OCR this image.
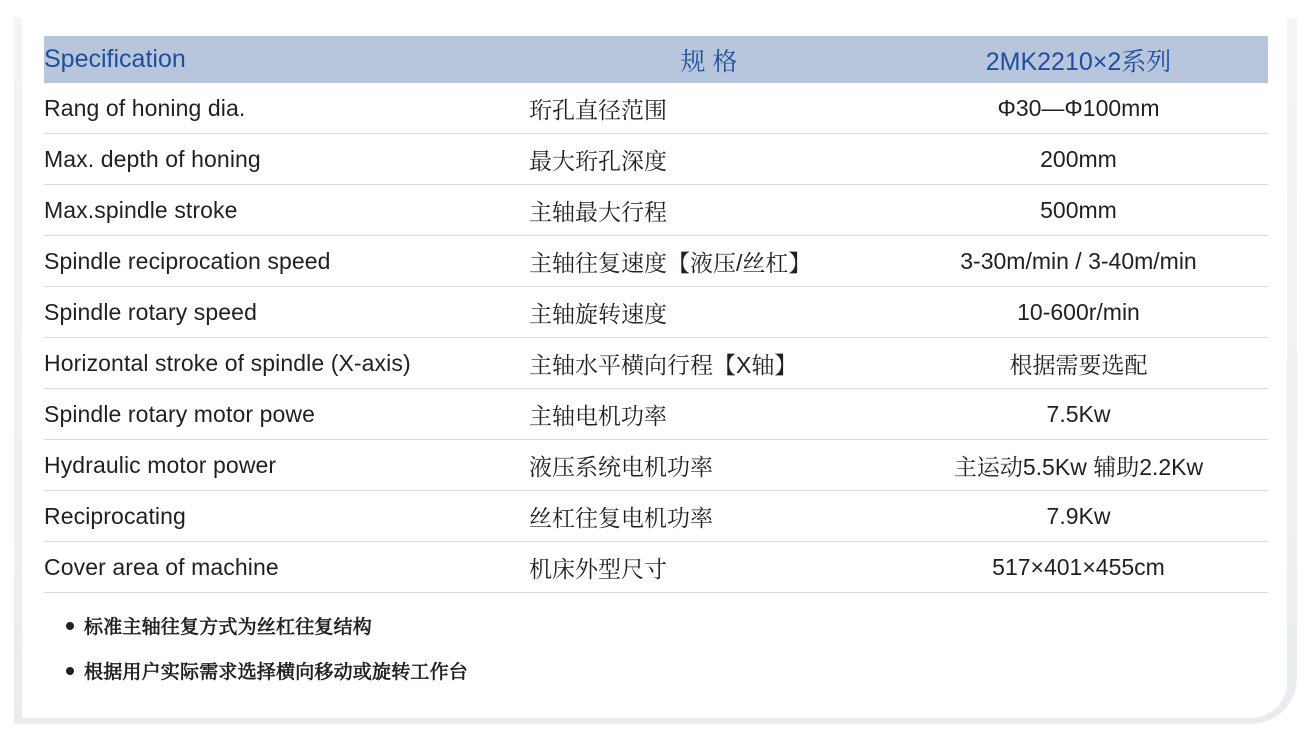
Specification	规 格	2MK2210×2系列
Rang of honing dia.	珩孔直径范围	Φ30—Φ100mm
Max. depth of honing	最大珩孔深度	200mm
Max.spindle stroke	主轴最大行程	500mm
Spindle reciprocation speed	主轴往复速度【液压/丝杠】	3-30m/min / 3-40m/min
Spindle rotary speed	主轴旋转速度	10-600r/min
Horizontal stroke of spindle (X-axis)	主轴水平横向行程【X轴】	根据需要选配
Spindle rotary motor powe	主轴电机功率	7.5Kw
Hydraulic motor power	液压系统电机功率	主运动5.5Kw 辅助2.2Kw
Reciprocating	丝杠往复电机功率	7.9Kw
Cover area of machine	机床外型尺寸	517×401×455cm
标准主轴往复方式为丝杠往复结构
根据用户实际需求选择横向移动或旋转工作台
